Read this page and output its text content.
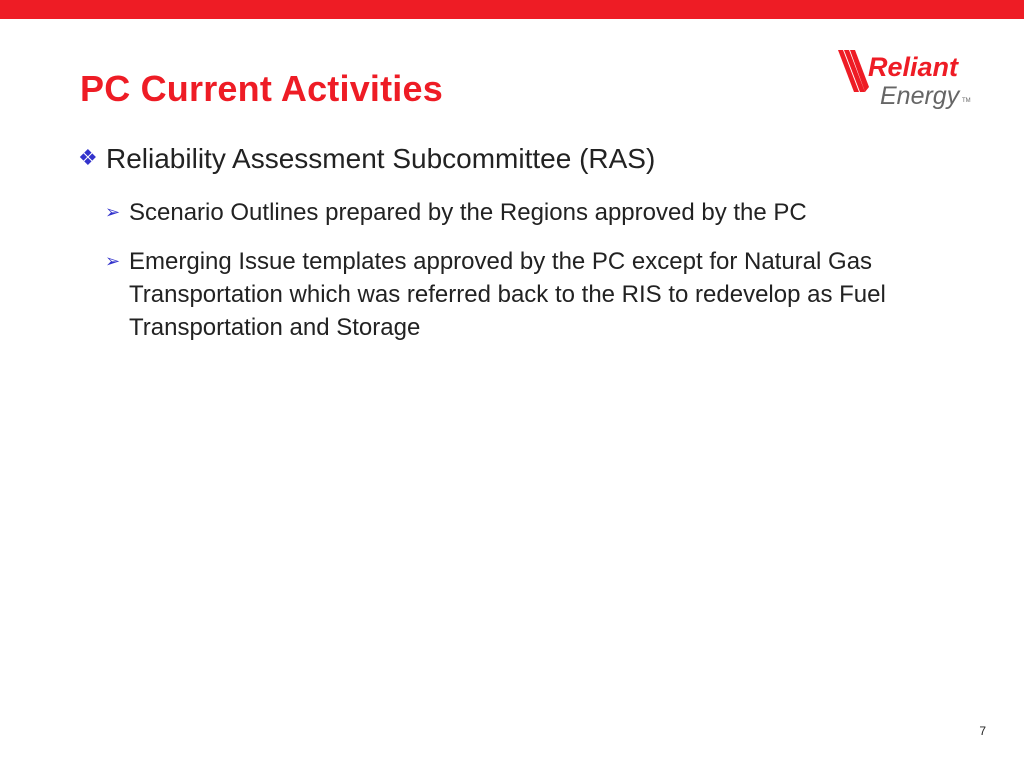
PC Current Activities
Reliant
Energy TM
❖ Reliability Assessment Subcommittee (RAS)
➢ Scenario Outlines prepared by the Regions approved by the PC
➢ Emerging Issue templates approved by the PC except for Natural Gas Transportation which was referred back to the RIS to redevelop as Fuel Transportation and Storage
7
